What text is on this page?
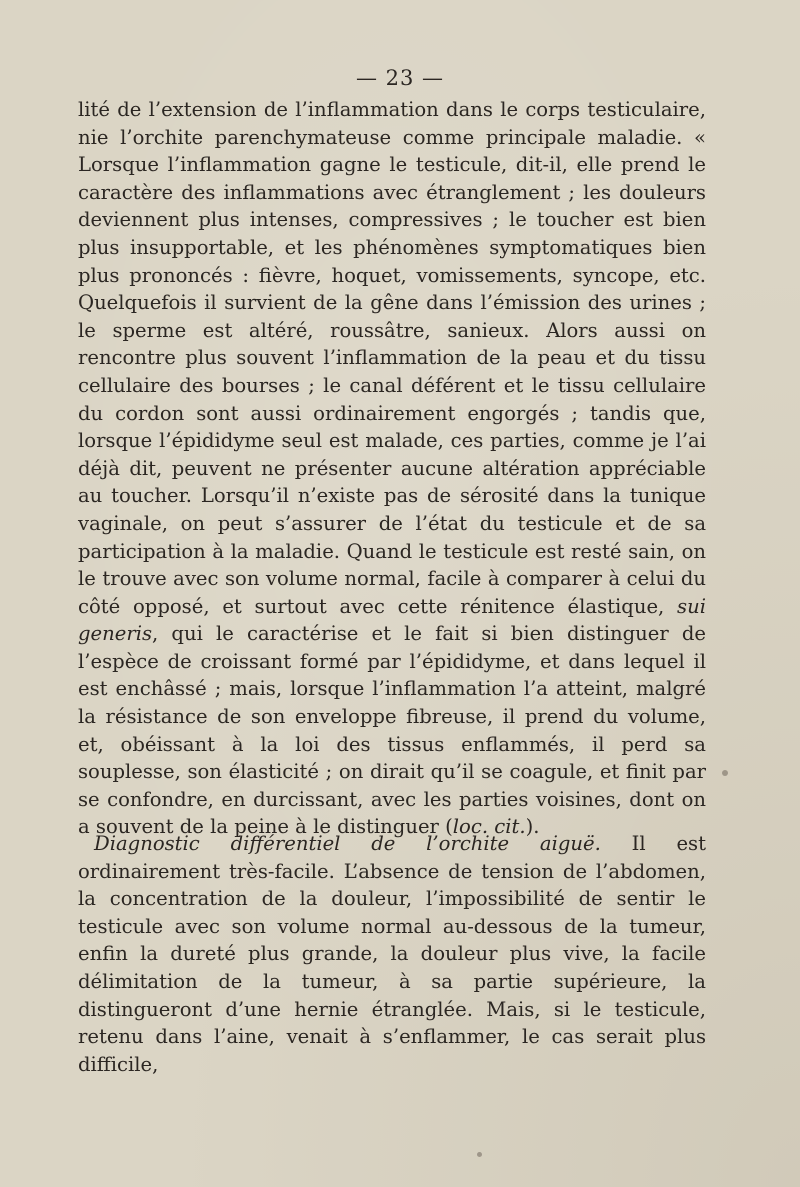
— 23 —

lité de l’extension de l’inflammation dans le corps testiculaire, nie l’orchite parenchymateuse comme principale maladie. « Lorsque l’inflammation gagne le testicule, dit-il, elle prend le caractère des inflammations avec étranglement ; les douleurs deviennent plus intenses, compressives ; le toucher est bien plus insupportable, et les phénomènes symptomatiques bien plus prononcés : fièvre, hoquet, vomissements, syncope, etc. Quelquefois il survient de la gêne dans l’émission des urines ; le sperme est altéré, roussâtre, sanieux. Alors aussi on rencontre plus souvent l’inflammation de la peau et du tissu cellulaire des bourses ; le canal déférent et le tissu cellulaire du cordon sont aussi ordinairement engorgés ; tandis que, lorsque l’épididyme seul est malade, ces parties, comme je l’ai déjà dit, peuvent ne présenter aucune altération appréciable au toucher. Lorsqu’il n’existe pas de sérosité dans la tunique vaginale, on peut s’assurer de l’état du testicule et de sa participation à la maladie. Quand le testicule est resté sain, on le trouve avec son volume normal, facile à comparer à celui du côté opposé, et surtout avec cette rénitence élastique, sui generis, qui le caractérise et le fait si bien distinguer de l’espèce de croissant formé par l’épididyme, et dans lequel il est enchâssé ; mais, lorsque l’inflammation l’a atteint, malgré la résistance de son enveloppe fibreuse, il prend du volume, et, obéissant à la loi des tissus enflammés, il perd sa souplesse, son élasticité ; on dirait qu’il se coagule, et finit par se confondre, en durcissant, avec les parties voisines, dont on a souvent de la peine à le distinguer (loc. cit.).

Diagnostic différentiel de l’orchite aiguë. Il est ordinairement très-facile. L’absence de tension de l’abdomen, la concentration de la douleur, l’impossibilité de sentir le testicule avec son volume normal au-dessous de la tumeur, enfin la dureté plus grande, la douleur plus vive, la facile délimitation de la tumeur, à sa partie supérieure, la distingueront d’une hernie étranglée. Mais, si le testicule, retenu dans l’aine, venait à s’enflammer, le cas serait plus difficile,
